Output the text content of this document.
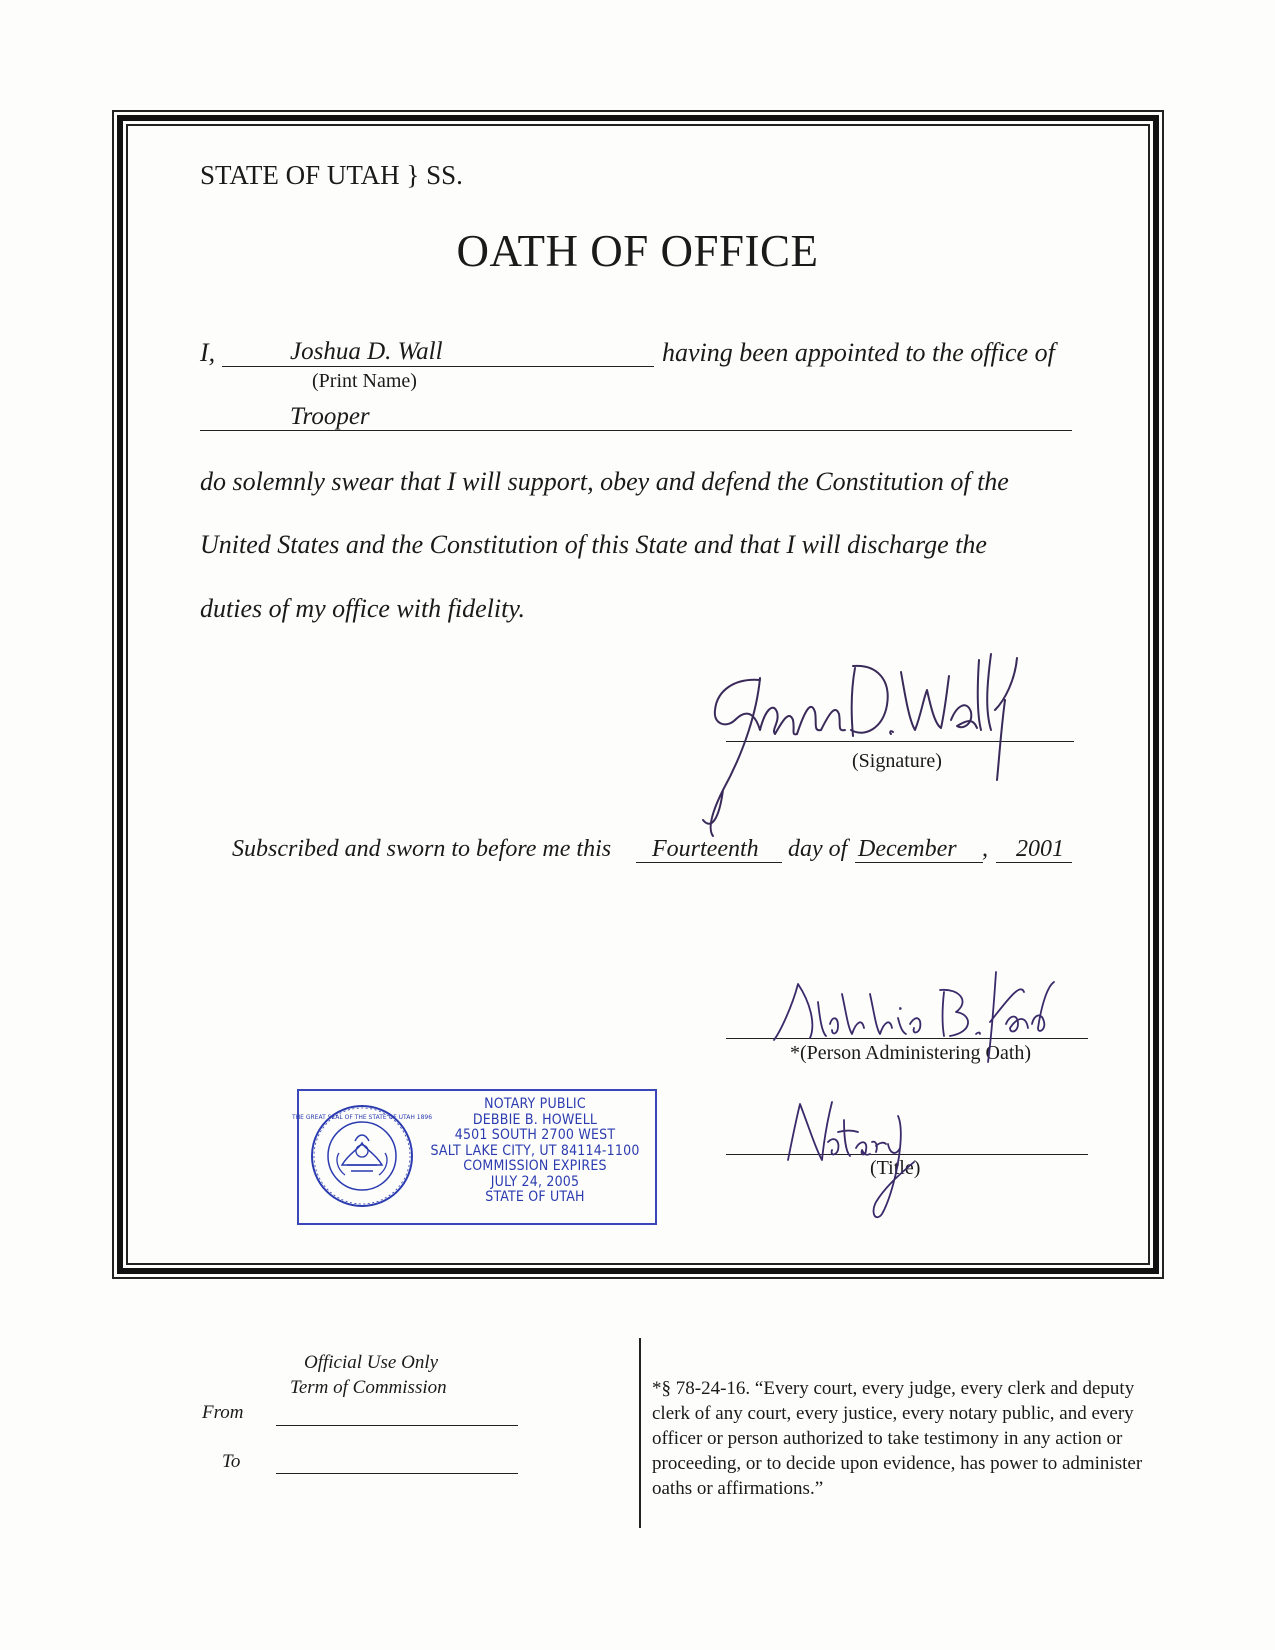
STATE OF UTAH } SS.
OATH OF OFFICE
I,	Joshua D. Wall
(Print Name)
having been appointed to the office of
Trooper
do solemnly swear that I will support, obey and defend the Constitution of the
United States and the Constitution of this State and that I will discharge the
duties of my office with fidelity.
(Signature)
Subscribed and sworn to before me this Fourteenth day of December , 2001
*(Person Administering Oath)
(Title)
THE GREAT SEAL OF THE STATE OF UTAH 1896
NOTARY PUBLIC
DEBBIE B. HOWELL
4501 SOUTH 2700 WEST
SALT LAKE CITY, UT 84114-1100
COMMISSION EXPIRES
JULY 24, 2005
STATE OF UTAH
Official Use Only
Term of Commission
From
To
*§ 78-24-16. “Every court, every judge, every clerk and deputy clerk of any court, every justice, every notary public, and every officer or person authorized to take testimony in any action or proceeding, or to decide upon evidence, has power to administer oaths or affirmations.”
